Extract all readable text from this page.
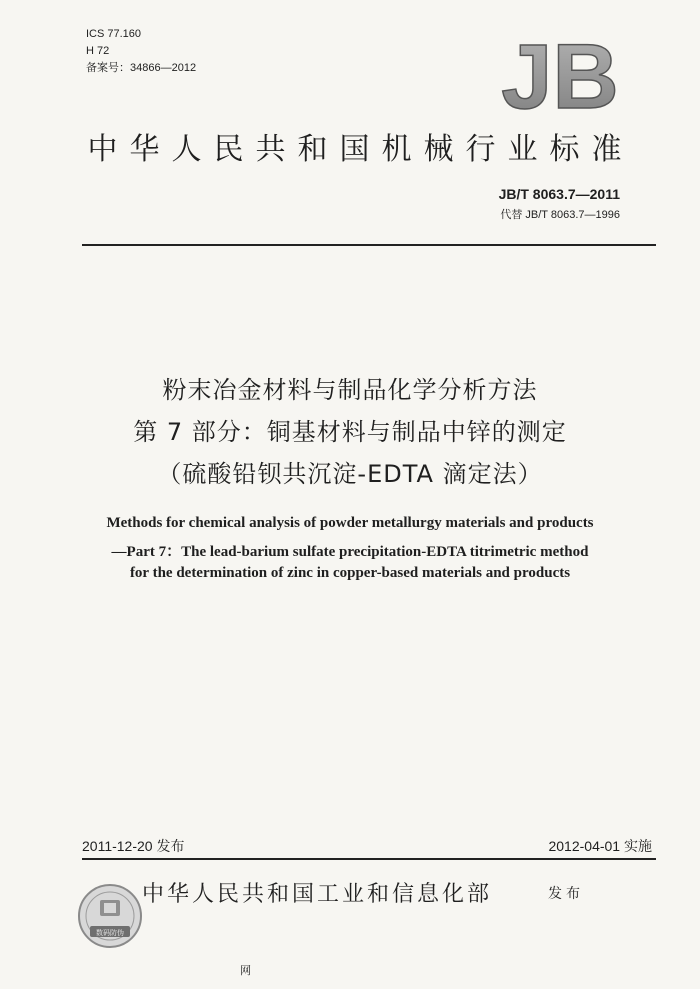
ICS 77.160
H 72
备案号：34866—2012	JB
中华人民共和国机械行业标准
JB/T 8063.7—2011
代替 JB/T 8063.7—1996
粉末冶金材料与制品化学分析方法
第 7 部分：铜基材料与制品中锌的测定
（硫酸铅钡共沉淀-EDTA 滴定法）
Methods for chemical analysis of powder metallurgy materials and products
—Part 7：The lead-barium sulfate precipitation-EDTA titrimetric method
for the determination of zinc in copper-based materials and products
2011-12-20 发布	2012-04-01 实施
数码防伪
中华人民共和国工业和信息化部	发布
网
